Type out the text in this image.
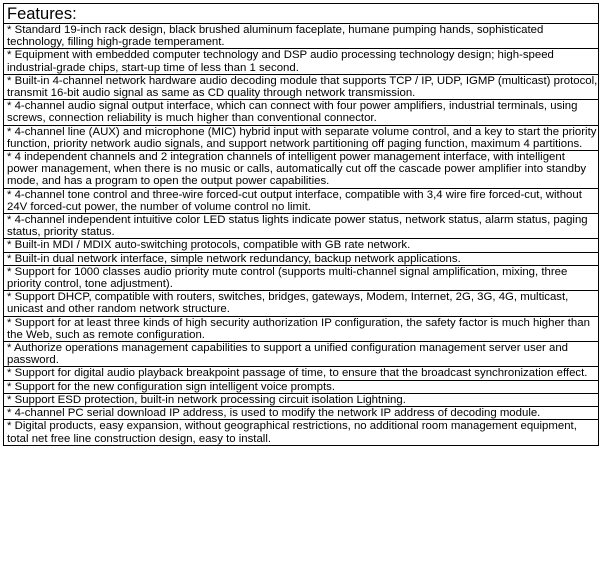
Features:
* Standard 19-inch rack design, black brushed aluminum faceplate, humane pumping hands, sophisticated technology, filling high-grade temperament.
* Equipment with embedded computer technology and DSP audio processing technology design; high-speed industrial-grade chips, start-up time of less than 1 second.
* Built-in 4-channel network hardware audio decoding module that supports TCP / IP, UDP, IGMP (multicast) protocol, transmit 16-bit audio signal as same as CD quality through network transmission.
* 4-channel audio signal output interface, which can connect with four power amplifiers, industrial terminals, using screws, connection reliability is much higher than conventional connector.
* 4-channel line (AUX) and microphone (MIC) hybrid input with separate volume control, and a key to start the priority function, priority network audio signals, and support network partitioning off paging function, maximum 4 partitions.
* 4 independent channels and 2 integration channels of intelligent power management interface, with intelligent power management, when there is no music or calls, automatically cut off the cascade power amplifier into standby mode, and has a program to open the output power capabilities.
* 4-channel tone control and three-wire forced-cut output interface, compatible with 3,4 wire fire forced-cut, without 24V forced-cut power, the number of volume control no limit.
* 4-channel independent intuitive color LED status lights indicate power status, network status, alarm status, paging status, priority status.
* Built-in MDI / MDIX auto-switching protocols, compatible with GB rate network.
* Built-in dual network interface, simple network redundancy, backup network applications.
* Support for 1000 classes audio priority mute control (supports multi-channel signal amplification, mixing, three priority control, tone adjustment).
* Support DHCP, compatible with routers, switches, bridges, gateways, Modem, Internet, 2G, 3G, 4G, multicast, unicast and other random network structure.
* Support for at least three kinds of high security authorization IP configuration, the safety factor is much higher than the Web, such as remote configuration.
* Authorize operations management capabilities to support a unified configuration management server user and password.
* Support for digital audio playback breakpoint passage of time, to ensure that the broadcast synchronization effect.
* Support for the new configuration sign intelligent voice prompts.
* Support ESD protection, built-in network processing circuit isolation Lightning.
* 4-channel PC serial download IP address, is used to modify the network IP address of decoding module.
* Digital products, easy expansion, without geographical restrictions, no additional room management equipment, total net free line construction design, easy to install.
